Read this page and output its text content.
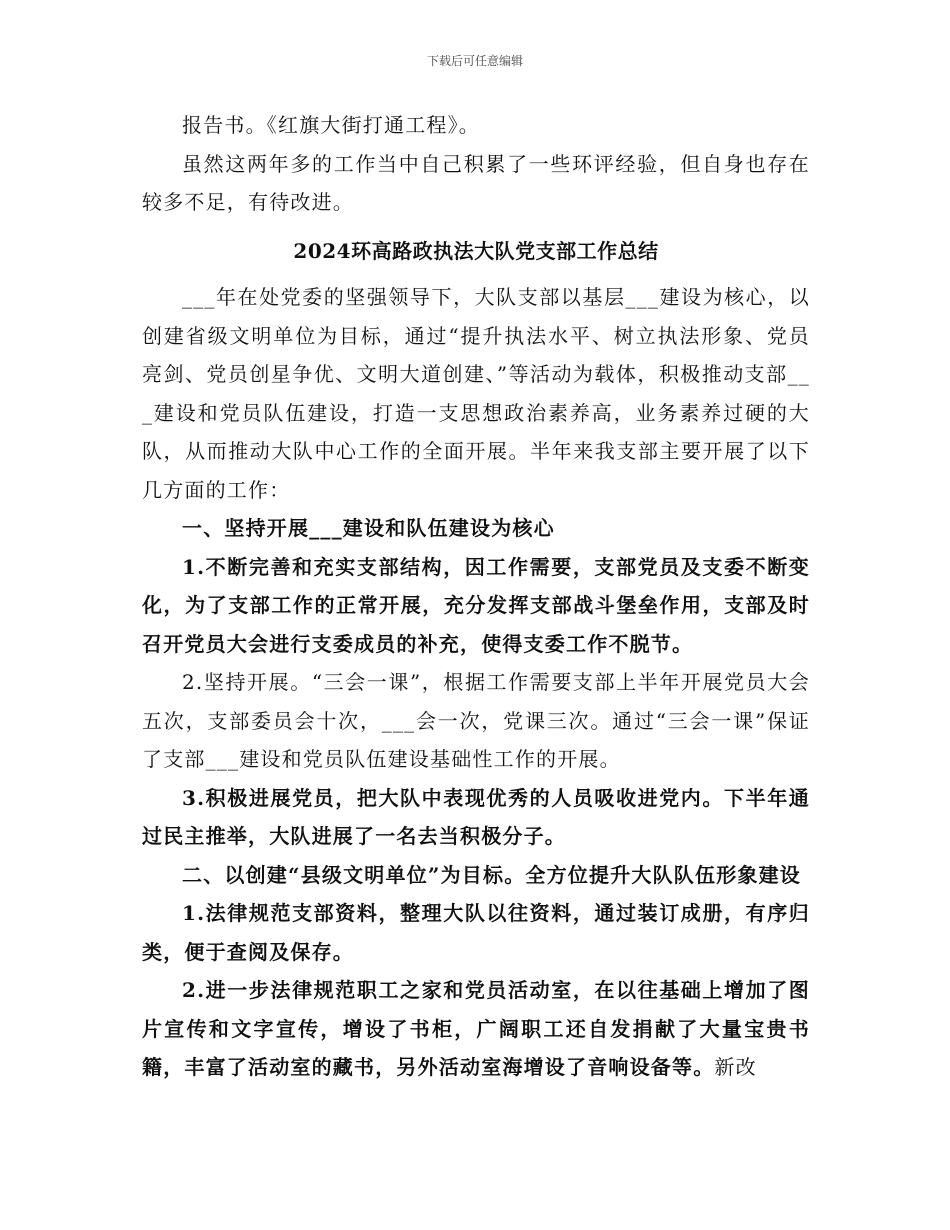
下载后可任意编辑

报告书。《红旗大街打通工程》。

虽然这两年多的工作当中自己积累了一些环评经验，但自身也存在较多不足，有待改进。

2024环高路政执法大队党支部工作总结

___年在处党委的坚强领导下，大队支部以基层___建设为核心，以创建省级文明单位为目标，通过“提升执法水平、树立执法形象、党员亮剑、党员创星争优、文明大道创建、”等活动为载体，积极推动支部___建设和党员队伍建设，打造一支思想政治素养高，业务素养过硬的大队，从而推动大队中心工作的全面开展。半年来我支部主要开展了以下几方面的工作：

一、坚持开展___建设和队伍建设为核心

1.不断完善和充实支部结构，因工作需要，支部党员及支委不断变化，为了支部工作的正常开展，充分发挥支部战斗堡垒作用，支部及时召开党员大会进行支委成员的补充，使得支委工作不脱节。

2.坚持开展。“三会一课”，根据工作需要支部上半年开展党员大会五次，支部委员会十次，___会一次，党课三次。通过“三会一课”保证了支部___建设和党员队伍建设基础性工作的开展。

3.积极进展党员，把大队中表现优秀的人员吸收进党内。下半年通过民主推举，大队进展了一名去当积极分子。

二、以创建“县级文明单位”为目标。全方位提升大队队伍形象建设

1.法律规范支部资料，整理大队以往资料，通过装订成册，有序归类，便于查阅及保存。

2.进一步法律规范职工之家和党员活动室，在以往基础上增加了图片宣传和文字宣传，增设了书柜，广阔职工还自发捐献了大量宝贵书籍，丰富了活动室的藏书，另外活动室海增设了音响设备等。新改
